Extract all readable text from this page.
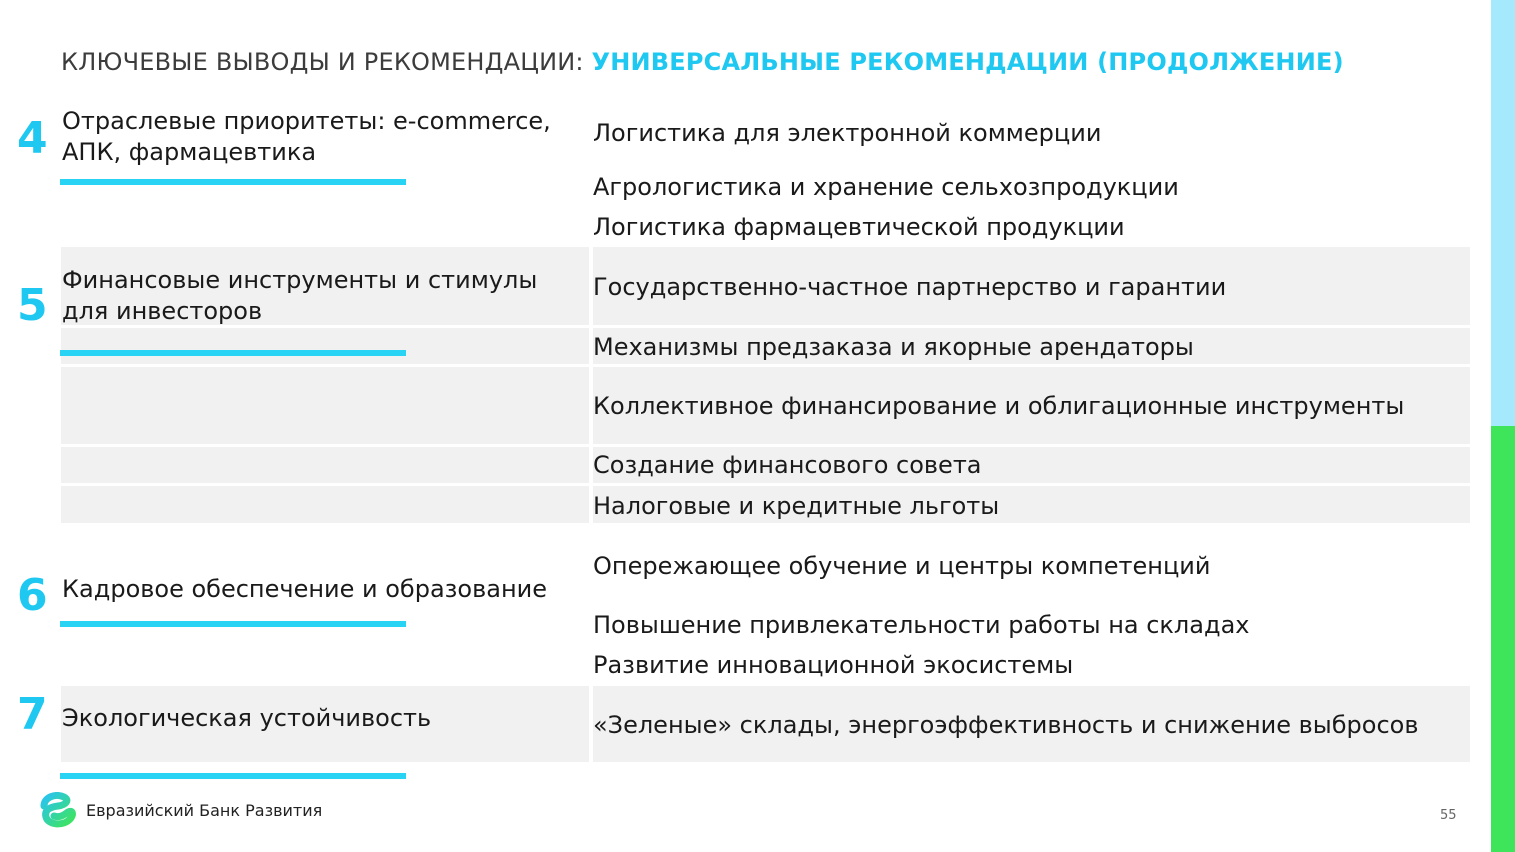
КЛЮЧЕВЫЕ ВЫВОДЫ И РЕКОМЕНДАЦИИ: УНИВЕРСАЛЬНЫЕ РЕКОМЕНДАЦИИ (ПРОДОЛЖЕНИЕ)
4 Отраслевые приоритеты: e-commerce, АПК, фармацевтика
Логистика для электронной коммерции
Агрологистика и хранение сельхозпродукции
Логистика фармацевтической продукции
5 Финансовые инструменты и стимулы для инвесторов
Государственно-частное партнерство и гарантии
Механизмы предзаказа и якорные арендаторы
Коллективное финансирование и облигационные инструменты
Создание финансового совета
Налоговые и кредитные льготы
6 Кадровое обеспечение и образование
Опережающее обучение и центры компетенций
Повышение привлекательности работы на складах
Развитие инновационной экосистемы
7 Экологическая устойчивость	«Зеленые» склады, энергоэффективность и снижение выбросов
Евразийский Банк Развития	55
